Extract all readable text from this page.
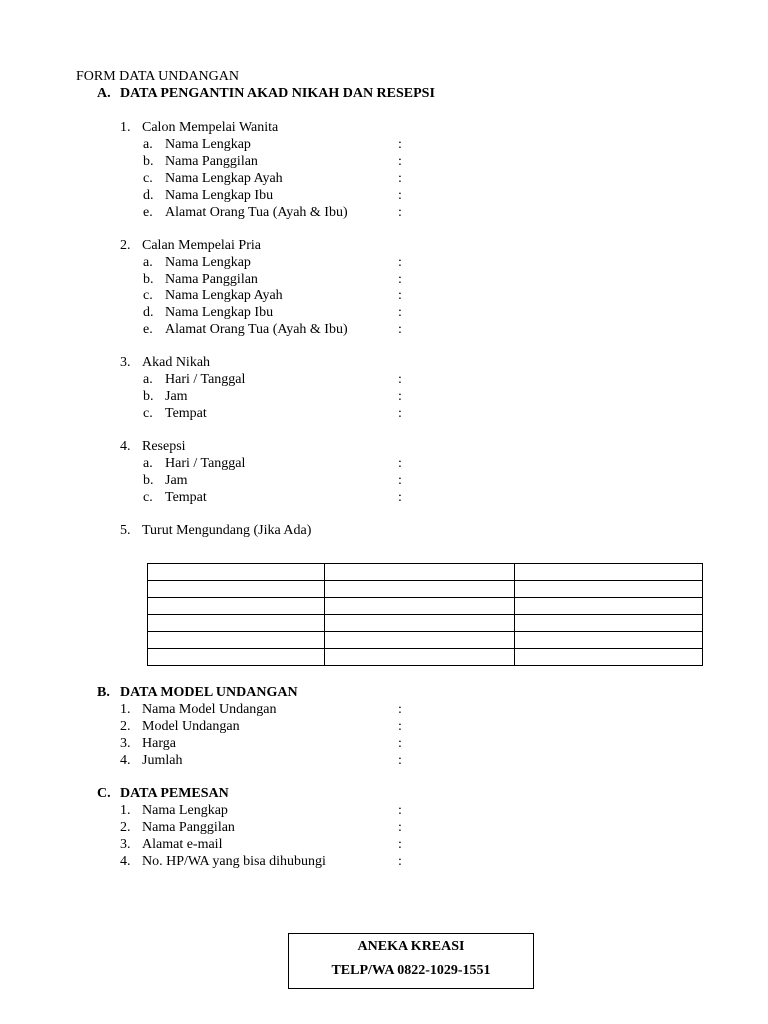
FORM DATA UNDANGAN
A. DATA PENGANTIN AKAD NIKAH DAN RESEPSI
1. Calon Mempelai Wanita
a. Nama Lengkap	:
b. Nama Panggilan	:
c. Nama Lengkap Ayah	:
d. Nama Lengkap Ibu	:
e. Alamat Orang Tua (Ayah & Ibu)	:
2. Calan Mempelai Pria
a. Nama Lengkap	:
b. Nama Panggilan	:
c. Nama Lengkap Ayah	:
d. Nama Lengkap Ibu	:
e. Alamat Orang Tua (Ayah & Ibu)	:
3. Akad Nikah
a. Hari / Tanggal	:
b. Jam	:
c. Tempat	:
4. Resepsi
a. Hari / Tanggal	:
b. Jam	:
c. Tempat	:
5. Turut Mengundang (Jika Ada)

B. DATA MODEL UNDANGAN
1. Nama Model Undangan	:
2. Model Undangan	:
3. Harga	:
4. Jumlah	:
C. DATA PEMESAN
1. Nama Lengkap	:
2. Nama Panggilan	:
3. Alamat e-mail	:
4. No. HP/WA yang bisa dihubungi	:
ANEKA KREASI
TELP/WA 0822-1029-1551
